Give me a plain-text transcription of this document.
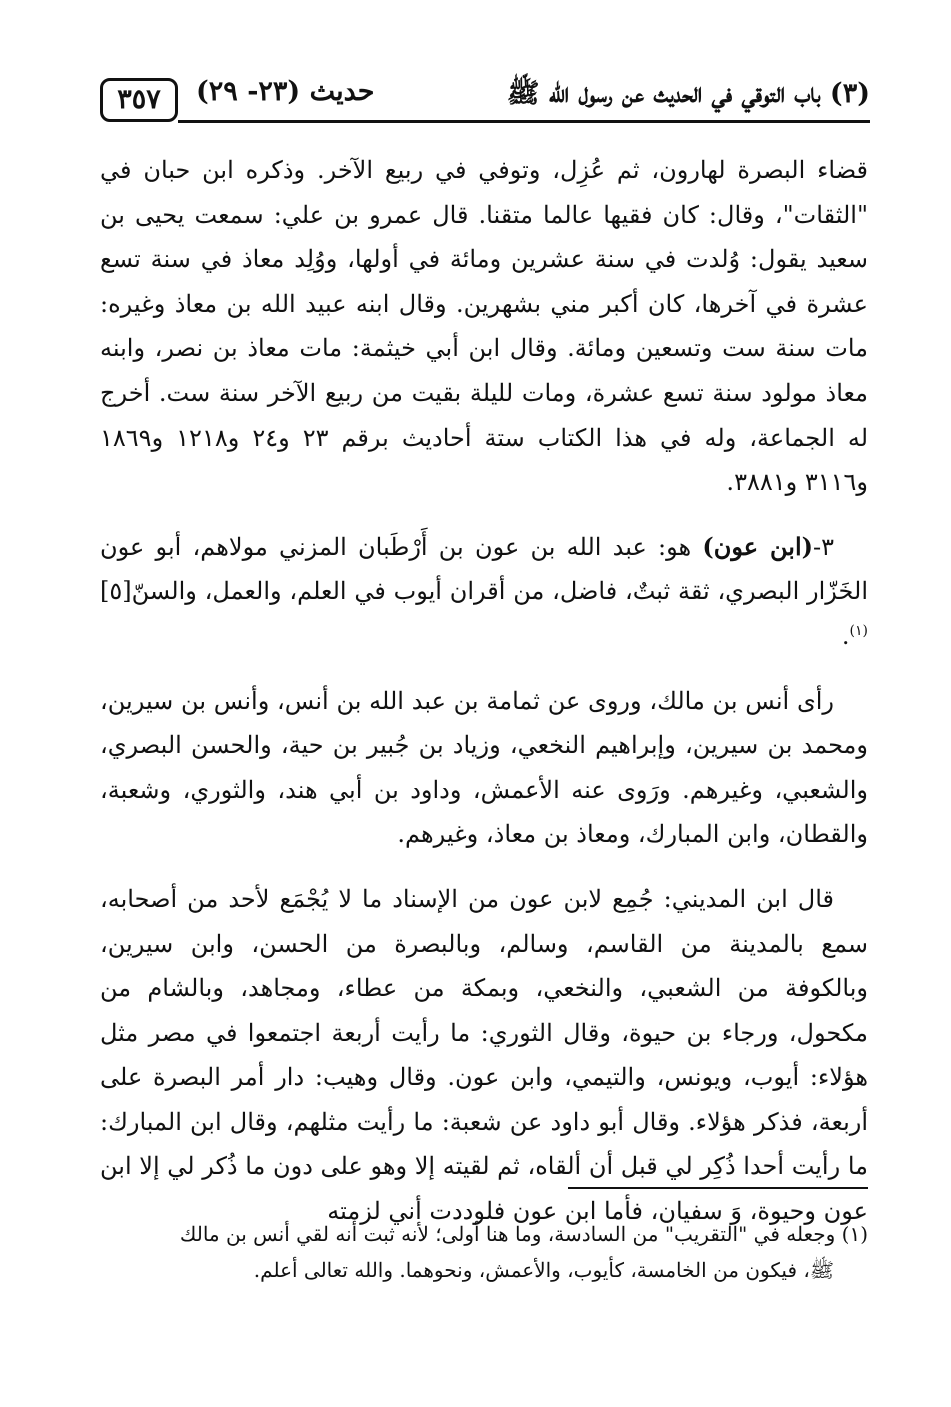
(٣) باب التوقي في الحديث عن رسول الله ﷺ
حديث (٢٣- ٢٩)
٣٥٧

قضاء البصرة لهارون، ثم عُزِل، وتوفي في ربيع الآخر. وذكره ابن حبان في "الثقات"، وقال: كان فقيها عالما متقنا. قال عمرو بن علي: سمعت يحيى بن سعيد يقول: وُلدت في سنة عشرين ومائة في أولها، ووُلِد معاذ في سنة تسع عشرة في آخرها، كان أكبر مني بشهرين. وقال ابنه عبيد الله بن معاذ وغيره: مات سنة ست وتسعين ومائة. وقال ابن أبي خيثمة: مات معاذ بن نصر، وابنه معاذ مولود سنة تسع عشرة، ومات لليلة بقيت من ربيع الآخر سنة ست. أخرج له الجماعة، وله في هذا الكتاب ستة أحاديث برقم ٢٣ و٢٤ و١٢١٨ و١٨٦٩ و٣١١٦ و٣٨٨١.

٣-(ابن عون) هو: عبد الله بن عون بن أَرْطَبان المزني مولاهم، أبو عون الخَزّار البصري، ثقة ثبتٌ، فاضل، من أقران أيوب في العلم، والعمل، والسنّ[٥]$^{(١)}$.

رأى أنس بن مالك، وروى عن ثمامة بن عبد الله بن أنس، وأنس بن سيرين، ومحمد بن سيرين، وإبراهيم النخعي، وزياد بن جُبير بن حية، والحسن البصري، والشعبي، وغيرهم. ورَوى عنه الأعمش، وداود بن أبي هند، والثوري، وشعبة، والقطان، وابن المبارك، ومعاذ بن معاذ، وغيرهم.

قال ابن المديني: جُمِع لابن عون من الإسناد ما لا يُجْمَع لأحد من أصحابه، سمع بالمدينة من القاسم، وسالم، وبالبصرة من الحسن، وابن سيرين، وبالكوفة من الشعبي، والنخعي، وبمكة من عطاء، ومجاهد، وبالشام من مكحول، ورجاء بن حيوة، وقال الثوري: ما رأيت أربعة اجتمعوا في مصر مثل هؤلاء: أيوب، ويونس، والتيمي، وابن عون. وقال وهيب: دار أمر البصرة على أربعة، فذكر هؤلاء. وقال أبو داود عن شعبة: ما رأيت مثلهم، وقال ابن المبارك: ما رأيت أحدا ذُكِر لي قبل أن ألقاه، ثم لقيته إلا وهو على دون ما ذُكر لي إلا ابن عون وحيوة، وَ سفيان، فأما ابن عون فلوددت أني لزمته

(١) وجعله في "التقريب" من السادسة، وما هنا أولى؛ لأنه ثبت أنه لقي أنس بن مالك

ﷺ، فيكون من الخامسة، كأيوب، والأعمش، ونحوهما. والله تعالى أعلم.
